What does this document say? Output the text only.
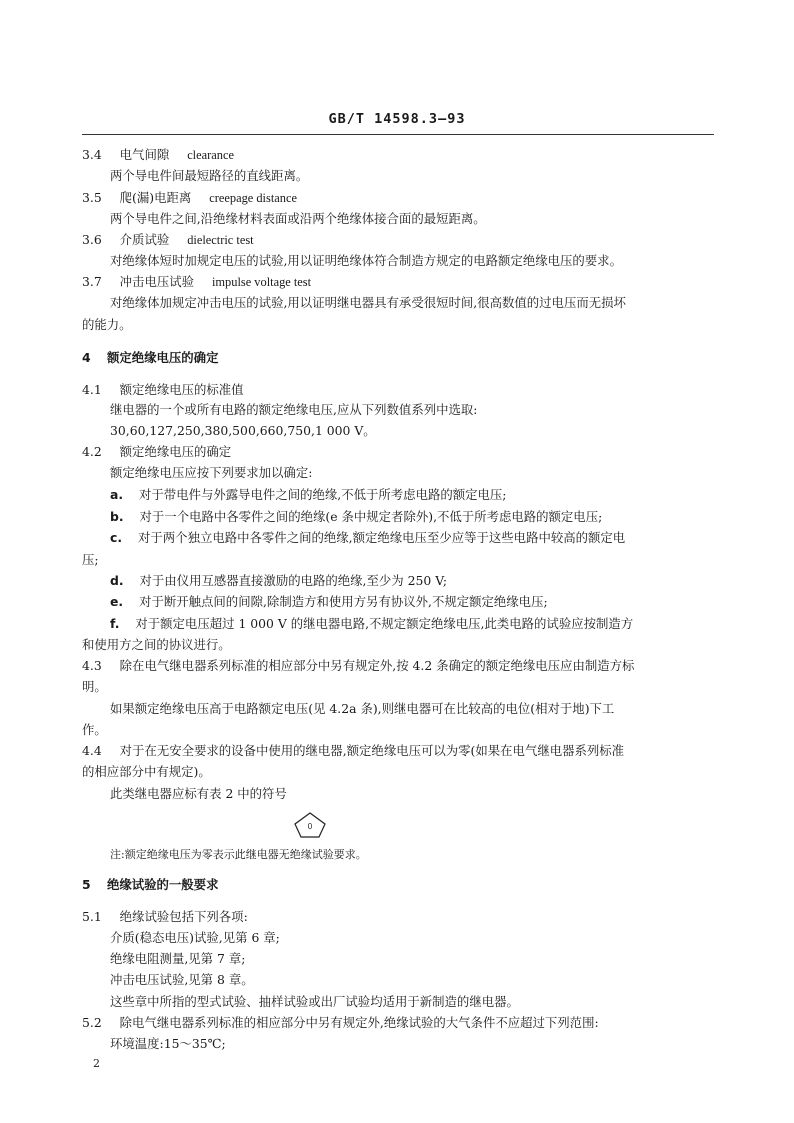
GB/T 14598.3—93
3.4 电气间隙 clearance
两个导电件间最短路径的直线距离。
3.5 爬(漏)电距离 creepage distance
两个导电件之间,沿绝缘材料表面或沿两个绝缘体接合面的最短距离。
3.6 介质试验 dielectric test
对绝缘体短时加规定电压的试验,用以证明绝缘体符合制造方规定的电路额定绝缘电压的要求。
3.7 冲击电压试验 impulse voltage test
对绝缘体加规定冲击电压的试验,用以证明继电器具有承受很短时间,很高数值的过电压而无损坏
的能力。
4 额定绝缘电压的确定
4.1 额定绝缘电压的标准值
继电器的一个或所有电路的额定绝缘电压,应从下列数值系列中选取:
30,60,127,250,380,500,660,750,1 000 V。
4.2 额定绝缘电压的确定
额定绝缘电压应按下列要求加以确定:
a. 对于带电件与外露导电件之间的绝缘,不低于所考虑电路的额定电压;
b. 对于一个电路中各零件之间的绝缘(e 条中规定者除外),不低于所考虑电路的额定电压;
c. 对于两个独立电路中各零件之间的绝缘,额定绝缘电压至少应等于这些电路中较高的额定电
压;
d. 对于由仪用互感器直接激励的电路的绝缘,至少为 250 V;
e. 对于断开触点间的间隙,除制造方和使用方另有协议外,不规定额定绝缘电压;
f. 对于额定电压超过 1 000 V 的继电器电路,不规定额定绝缘电压,此类电路的试验应按制造方
和使用方之间的协议进行。
4.3 除在电气继电器系列标准的相应部分中另有规定外,按 4.2 条确定的额定绝缘电压应由制造方标
明。
如果额定绝缘电压高于电路额定电压(见 4.2a 条),则继电器可在比较高的电位(相对于地)下工
作。
4.4 对于在无安全要求的设备中使用的继电器,额定绝缘电压可以为零(如果在电气继电器系列标准
的相应部分中有规定)。
此类继电器应标有表 2 中的符号
0
注:额定绝缘电压为零表示此继电器无绝缘试验要求。
5 绝缘试验的一般要求
5.1 绝缘试验包括下列各项:
介质(稳态电压)试验,见第 6 章;
绝缘电阻测量,见第 7 章;
冲击电压试验,见第 8 章。
这些章中所指的型式试验、抽样试验或出厂试验均适用于新制造的继电器。
5.2 除电气继电器系列标准的相应部分中另有规定外,绝缘试验的大气条件不应超过下列范围:
环境温度:15～35℃;
2
